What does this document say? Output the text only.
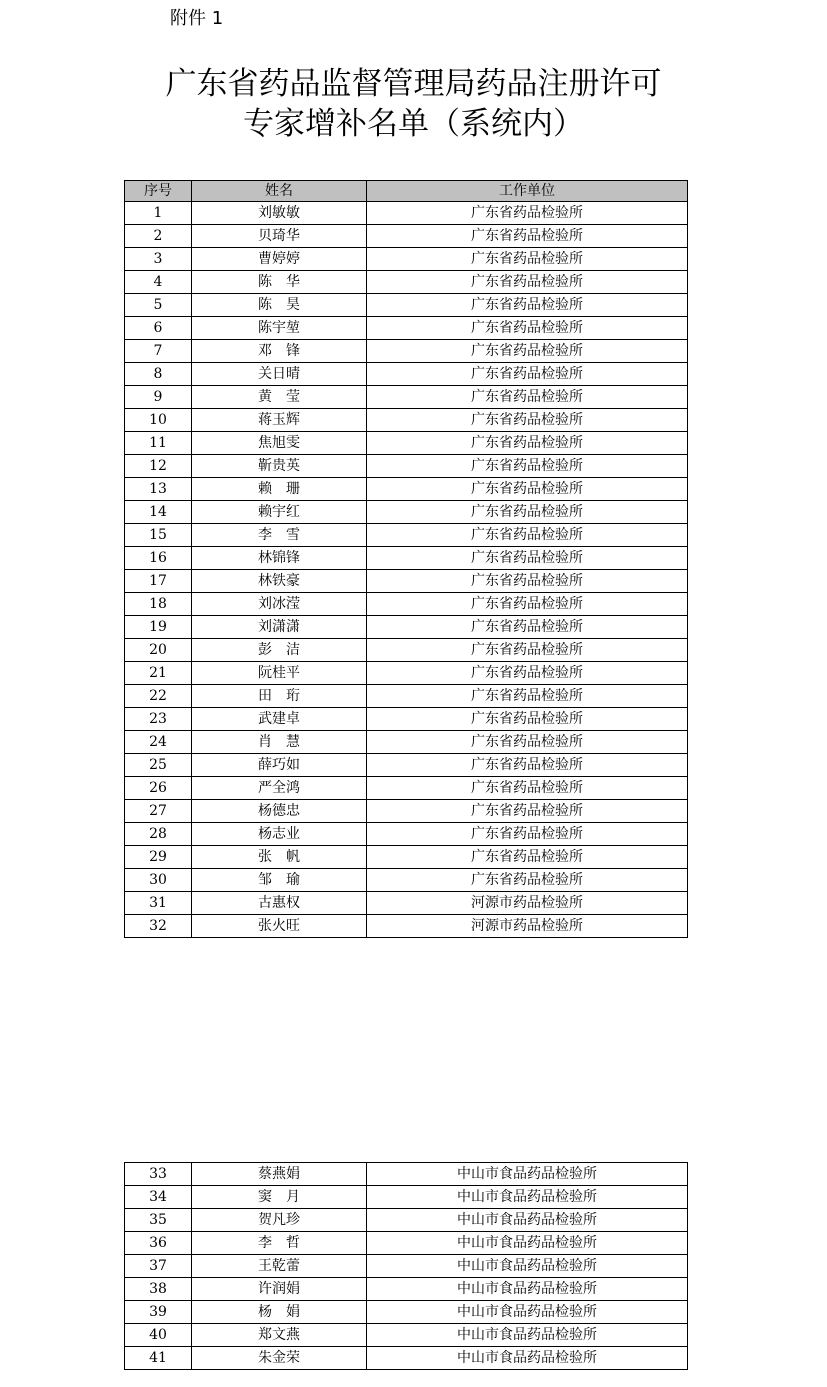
附件 1
广东省药品监督管理局药品注册许可
专家增补名单（系统内）
序号	姓名	工作单位
1	刘敏敏	广东省药品检验所
2	贝琦华	广东省药品检验所
3	曹婷婷	广东省药品检验所
4	陈　华	广东省药品检验所
5	陈　昊	广东省药品检验所
6	陈宇堃	广东省药品检验所
7	邓　锋	广东省药品检验所
8	关日晴	广东省药品检验所
9	黄　莹	广东省药品检验所
10	蒋玉辉	广东省药品检验所
11	焦旭雯	广东省药品检验所
12	靳贵英	广东省药品检验所
13	赖　珊	广东省药品检验所
14	赖宇红	广东省药品检验所
15	李　雪	广东省药品检验所
16	林锦锋	广东省药品检验所
17	林铁豪	广东省药品检验所
18	刘冰滢	广东省药品检验所
19	刘潇潇	广东省药品检验所
20	彭　洁	广东省药品检验所
21	阮桂平	广东省药品检验所
22	田　珩	广东省药品检验所
23	武建卓	广东省药品检验所
24	肖　慧	广东省药品检验所
25	薛巧如	广东省药品检验所
26	严全鸿	广东省药品检验所
27	杨德忠	广东省药品检验所
28	杨志业	广东省药品检验所
29	张　帆	广东省药品检验所
30	邹　瑜	广东省药品检验所
31	古惠权	河源市药品检验所
32	张火旺	河源市药品检验所
33	蔡燕娟	中山市食品药品检验所
34	窦　月	中山市食品药品检验所
35	贺凡珍	中山市食品药品检验所
36	李　哲	中山市食品药品检验所
37	王乾蕾	中山市食品药品检验所
38	许润娟	中山市食品药品检验所
39	杨　娟	中山市食品药品检验所
40	郑文燕	中山市食品药品检验所
41	朱金荣	中山市食品药品检验所
